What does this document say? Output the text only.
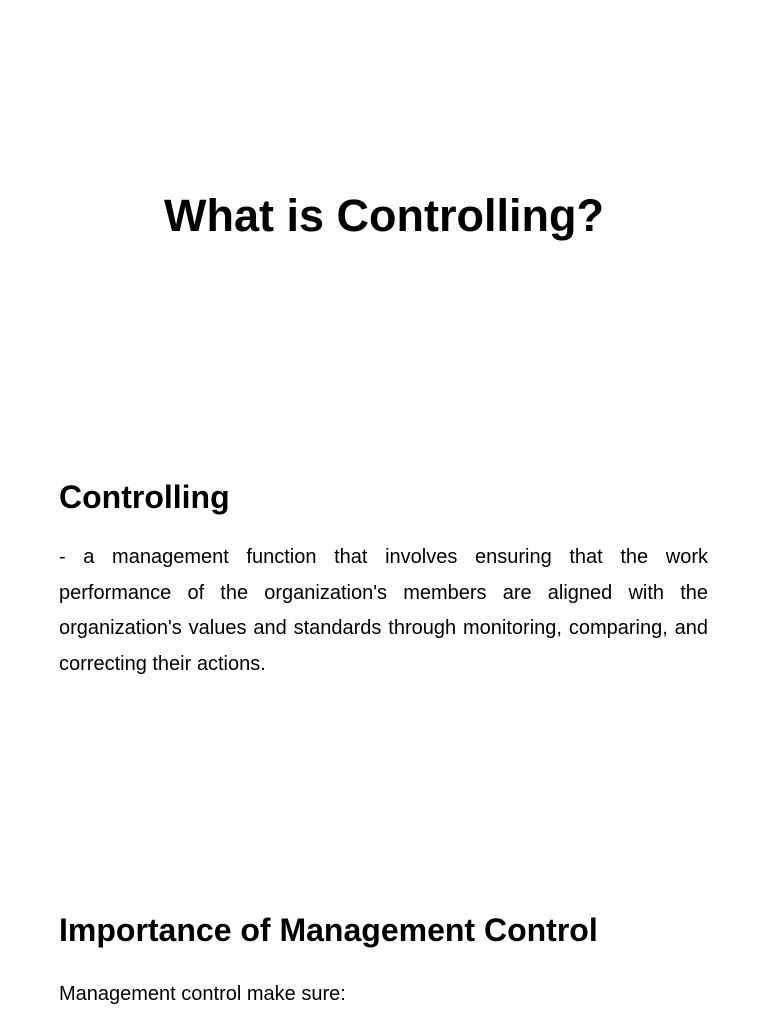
What is Controlling?
Controlling

- a management function that involves ensuring that the work performance of the organization's members are aligned with the organization's values and standards through monitoring, comparing, and correcting their actions.

Importance of Management Control

Management control make sure:
